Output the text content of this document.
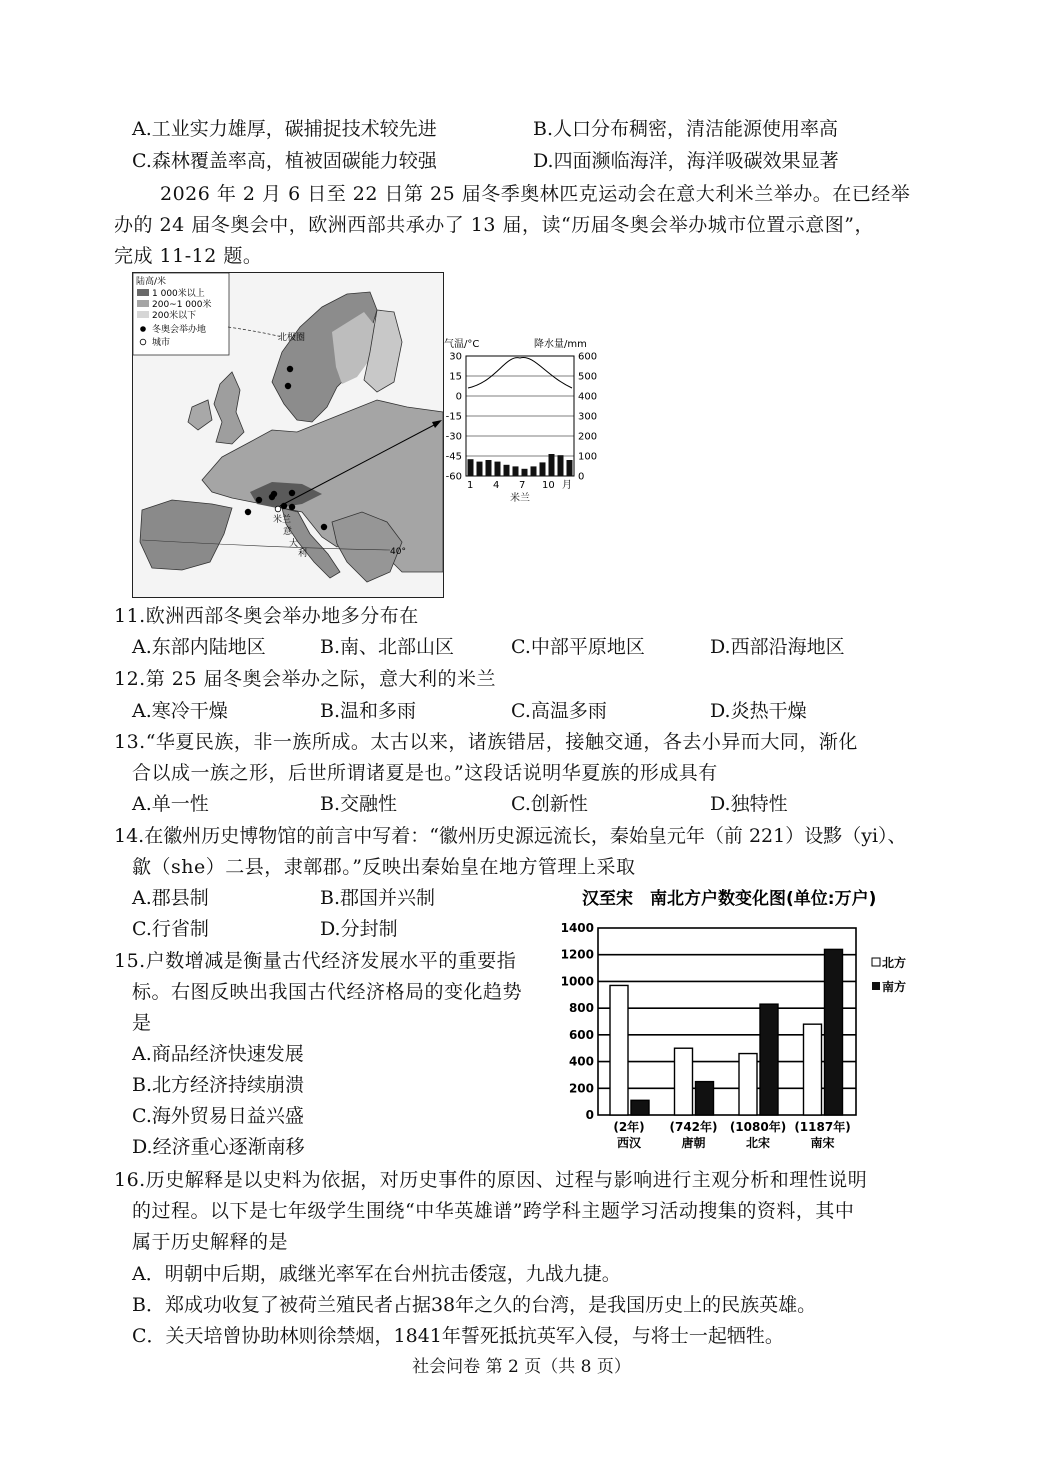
A.工业实力雄厚，碳捕捉技术较先进	B.人口分布稠密，清洁能源使用率高
C.森林覆盖率高，植被固碳能力较强	D.四面濒临海洋，海洋吸碳效果显著
2026 年 2 月 6 日至 22 日第 25 届冬季奥林匹克运动会在意大利米兰举办。在已经举
办的 24 届冬奥会中，欧洲西部共承办了 13 届，读“历届冬奥会举办城市位置示意图”，
完成 11-12 题。
陆高/米
1 000米以上
200~1 000米
200米以下
冬奥会举办地
城市	北极圈
40°
米兰
意
大
利
气温/°C	降水量/mm
30
15
0
-15
-30
-45
-60
600
500
400
300
200
100
0
1 4 7 10 月
米兰
11.欧洲西部冬奥会举办地多分布在
A.东部内陆地区	B.南、北部山区	C.中部平原地区	D.西部沿海地区
12.第 25 届冬奥会举办之际，意大利的米兰
A.寒冷干燥	B.温和多雨	C.高温多雨	D.炎热干燥
13.“华夏民族，非一族所成。太古以来，诸族错居，接触交通，各去小异而大同，渐化
合以成一族之形，后世所谓诸夏是也。”这段话说明华夏族的形成具有
A.单一性	B.交融性	C.创新性	D.独特性
14.在徽州历史博物馆的前言中写着：“徽州历史源远流长，秦始皇元年（前 221）设黟（yi）、
歙（she）二县，隶鄣郡。”反映出秦始皇在地方管理上采取
A.郡县制	B.郡国并兴制
C.行省制	D.分封制
汉至宋　南北方户数变化图(单位:万户)
1400
1200
1000
800
600
400
200
0
(2年)
西汉
(742年)
唐朝
(1080年)
北宋
(1187年)
南宋
北方
南方
15.户数增减是衡量古代经济发展水平的重要指
标。右图反映出我国古代经济格局的变化趋势
是
A.商品经济快速发展
B.北方经济持续崩溃
C.海外贸易日益兴盛
D.经济重心逐渐南移
16.历史解释是以史料为依据，对历史事件的原因、过程与影响进行主观分析和理性说明
的过程。以下是七年级学生围绕“中华英雄谱”跨学科主题学习活动搜集的资料，其中
属于历史解释的是
A．明朝中后期，戚继光率军在台州抗击倭寇，九战九捷。
B．郑成功收复了被荷兰殖民者占据38年之久的台湾，是我国历史上的民族英雄。
C．关天培曾协助林则徐禁烟，1841年誓死抵抗英军入侵，与将士一起牺牲。
社会问卷 第 2 页（共 8 页）
